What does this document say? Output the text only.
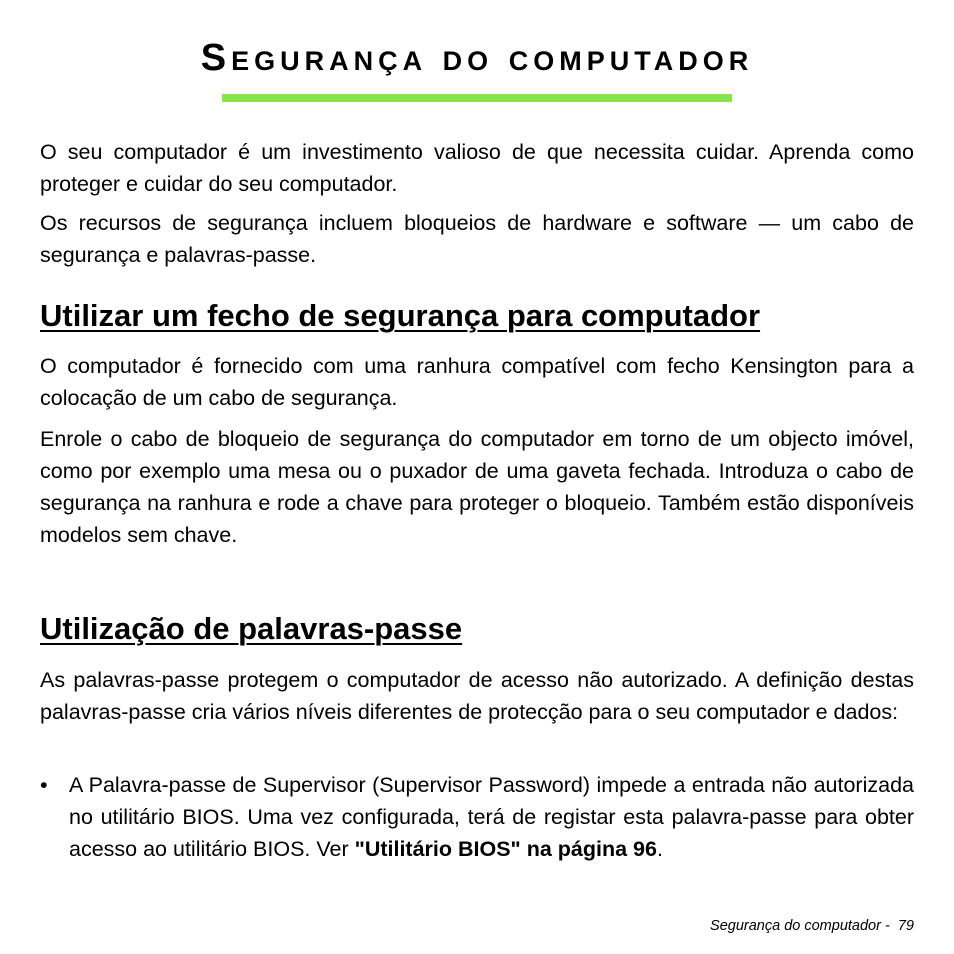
Segurança do computador

O seu computador é um investimento valioso de que necessita cuidar. Aprenda como proteger e cuidar do seu computador.

Os recursos de segurança incluem bloqueios de hardware e software — um cabo de segurança e palavras-passe.

Utilizar um fecho de segurança para computador

O computador é fornecido com uma ranhura compatível com fecho Kensington para a colocação de um cabo de segurança.

Enrole o cabo de bloqueio de segurança do computador em torno de um objecto imóvel, como por exemplo uma mesa ou o puxador de uma gaveta fechada. Introduza o cabo de segurança na ranhura e rode a chave para proteger o bloqueio. Também estão disponíveis modelos sem chave.

Utilização de palavras-passe

As palavras-passe protegem o computador de acesso não autorizado. A definição destas palavras-passe cria vários níveis diferentes de protecção para o seu computador e dados:

• A Palavra-passe de Supervisor (Supervisor Password) impede a entrada não autorizada no utilitário BIOS. Uma vez configurada, terá de registar esta palavra-passe para obter acesso ao utilitário BIOS. Ver "Utilitário BIOS" na página 96.
Segurança do computador - 79
